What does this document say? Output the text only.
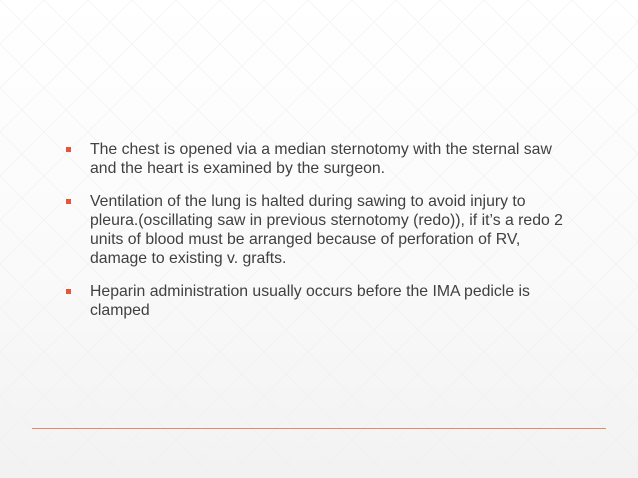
The chest is opened via a median sternotomy with the sternal saw and the heart is examined by the surgeon.
Ventilation of the lung is halted during sawing to avoid injury to pleura.(oscillating saw in previous sternotomy (redo)), if it’s a redo 2 units of blood must be arranged because of perforation of RV, damage to existing v. grafts.
Heparin administration usually occurs before the IMA pedicle is clamped
